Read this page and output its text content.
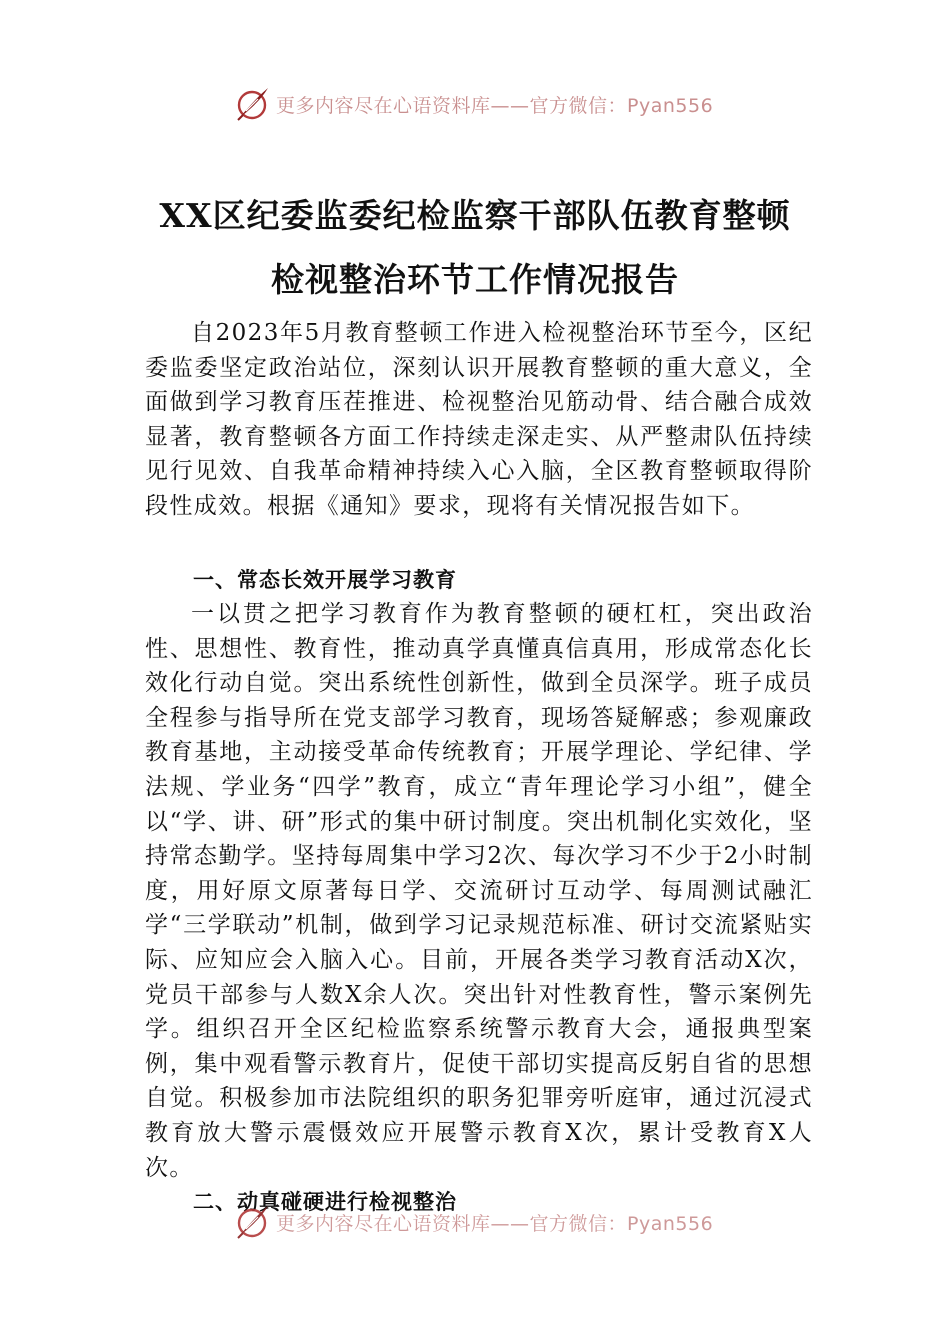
更多内容尽在心语资料库——官方微信：Pyan556
XX区纪委监委纪检监察干部队伍教育整顿
检视整治环节工作情况报告

自2023年5月教育整顿工作进入检视整治环节至今，区纪委监委坚定政治站位，深刻认识开展教育整顿的重大意义，全面做到学习教育压茬推进、检视整治见筋动骨、结合融合成效显著，教育整顿各方面工作持续走深走实、从严整肃队伍持续见行见效、自我革命精神持续入心入脑，全区教育整顿取得阶段性成效。根据《通知》要求，现将有关情况报告如下。

一、常态长效开展学习教育

一以贯之把学习教育作为教育整顿的硬杠杠，突出政治性、思想性、教育性，推动真学真懂真信真用，形成常态化长效化行动自觉。突出系统性创新性，做到全员深学。班子成员全程参与指导所在党支部学习教育，现场答疑解惑；参观廉政教育基地，主动接受革命传统教育；开展学理论、学纪律、学法规、学业务“四学”教育，成立“青年理论学习小组”，健全以“学、讲、研”形式的集中研讨制度。突出机制化实效化，坚持常态勤学。坚持每周集中学习2次、每次学习不少于2小时制度，用好原文原著每日学、交流研讨互动学、每周测试融汇学“三学联动”机制，做到学习记录规范标准、研讨交流紧贴实际、应知应会入脑入心。目前，开展各类学习教育活动X次，党员干部参与人数X余人次。突出针对性教育性，警示案例先学。组织召开全区纪检监察系统警示教育大会，通报典型案例，集中观看警示教育片，促使干部切实提高反躬自省的思想自觉。积极参加市法院组织的职务犯罪旁听庭审，通过沉浸式教育放大警示震慑效应开展警示教育X次，累计受教育X人次。

二、动真碰硬进行检视整治
更多内容尽在心语资料库——官方微信：Pyan556
